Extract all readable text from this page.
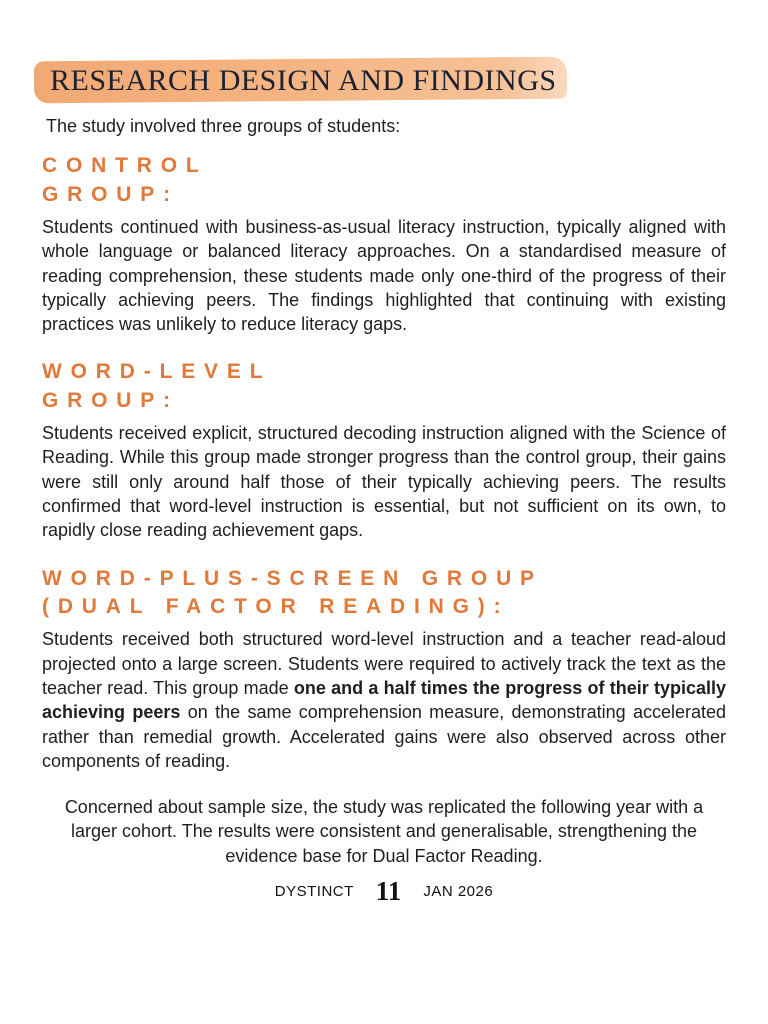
RESEARCH DESIGN AND FINDINGS

The study involved three groups of students:

CONTROL
GROUP:

Students continued with business-as-usual literacy instruction, typically aligned with whole language or balanced literacy approaches. On a standardised measure of reading comprehension, these students made only one-third of the progress of their typically achieving peers. The findings highlighted that continuing with existing practices was unlikely to reduce literacy gaps.

WORD-LEVEL
GROUP:

Students received explicit, structured decoding instruction aligned with the Science of Reading. While this group made stronger progress than the control group, their gains were still only around half those of their typically achieving peers. The results confirmed that word-level instruction is essential, but not sufficient on its own, to rapidly close reading achievement gaps.

WORD-PLUS-SCREEN GROUP
(DUAL FACTOR READING):

Students received both structured word-level instruction and a teacher read-aloud projected onto a large screen. Students were required to actively track the text as the teacher read. This group made one and a half times the progress of their typically achieving peers on the same comprehension measure, demonstrating accelerated rather than remedial growth. Accelerated gains were also observed across other components of reading.

Concerned about sample size, the study was replicated the following year with a larger cohort. The results were consistent and generalisable, strengthening the evidence base for Dual Factor Reading.

DYSTINCT 11 JAN 2026
